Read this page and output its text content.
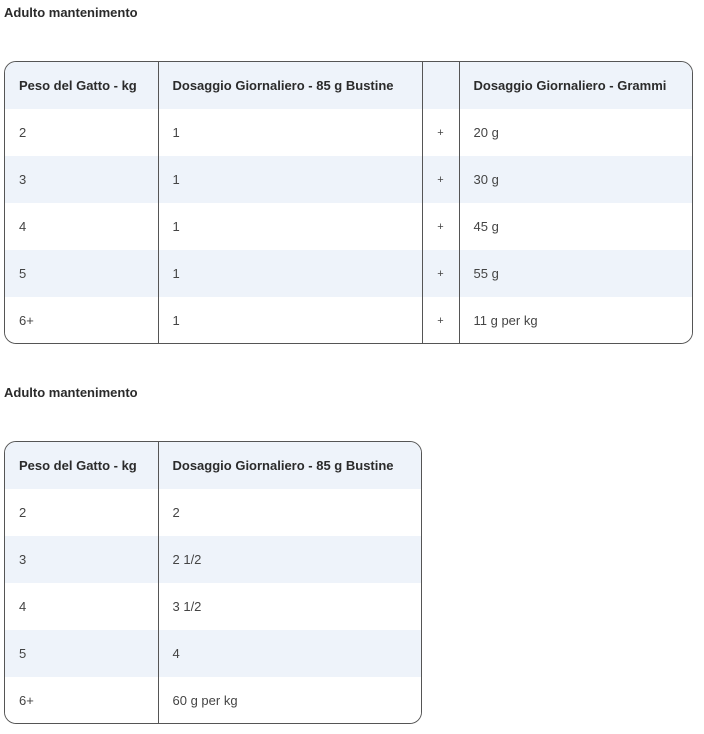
Adulto mantenimento
Peso del Gatto - kg	Dosaggio Giornaliero - 85 g Bustine		Dosaggio Giornaliero - Grammi
2	1	+	20 g
3	1	+	30 g
4	1	+	45 g
5	1	+	55 g
6+	1	+	11 g per kg
Adulto mantenimento
Peso del Gatto - kg	Dosaggio Giornaliero - 85 g Bustine
2	2
3	2 1/2
4	3 1/2
5	4
6+	60 g per kg
